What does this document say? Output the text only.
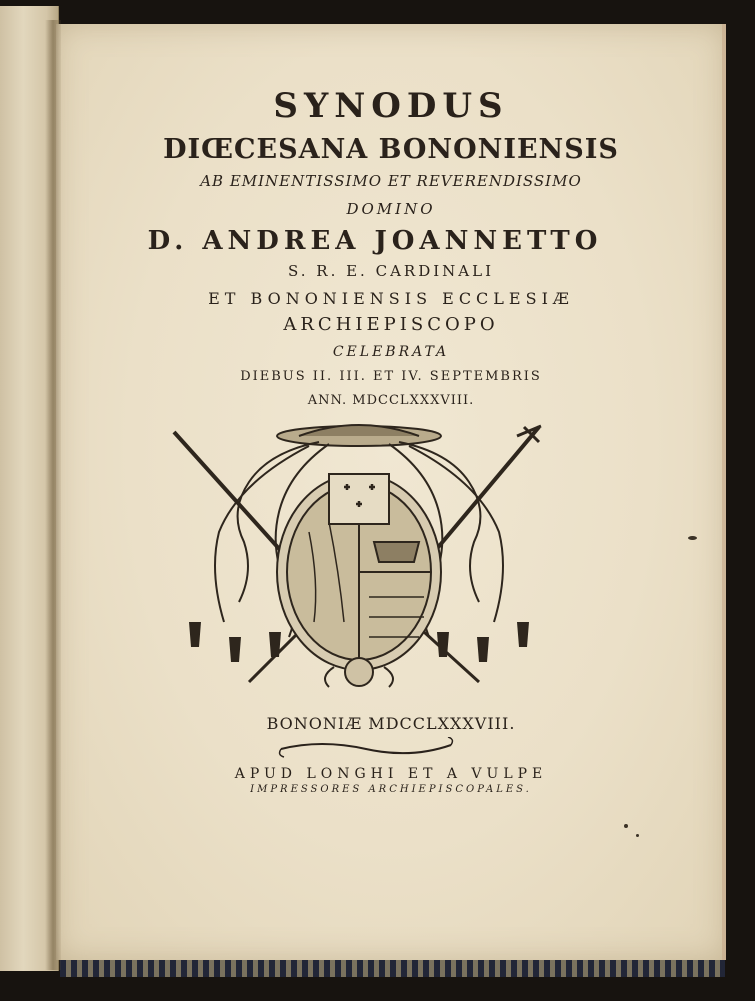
SYNODUS
DIŒCESANA BONONIENSIS
AB EMINENTISSIMO ET REVERENDISSIMO
DOMINO
D. ANDREA JOANNETTO
S. R. E. CARDINALI
ET BONONIENSIS ECCLESIÆ
ARCHIEPISCOPO
CELEBRATA
DIEBUS II. III. ET IV. SEPTEMBRIS
ANN. MDCCLXXXVIII.
BONONIÆ MDCCLXXXVIII.
APUD LONGHI ET A VULPE
IMPRESSORES ARCHIEPISCOPALES.
